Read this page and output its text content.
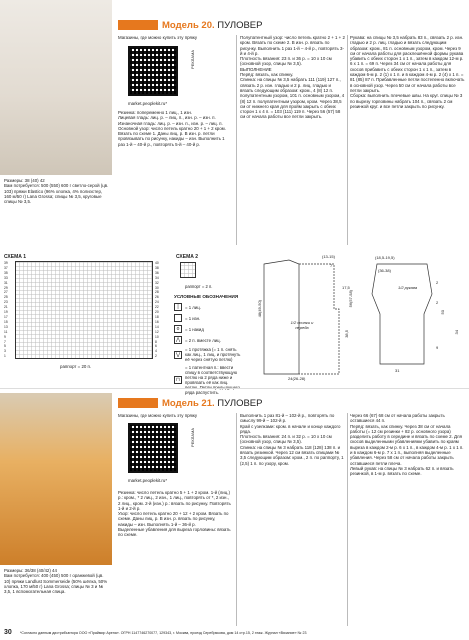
Модель 20. ПУЛОВЕР
Магазины, где можно купить эту пряжу
РЕКЛАМА
market.peoplekit.ru*
Размеры: 38 (40) 42
Вам потребуется: 500 (550) 600 г светло-серой (цв. 103) пряжи Elastico (96% хлопка, 4% полиэстер, 160 м/50 г) Lana Grossa; спицы № 3,5, круговые спицы № 3,5.
Резинка: попеременно 1 лиц., 1 изн.
Лицевая гладь: лиц. р. – лиц. п., изн. р. – изн. п.
Изнаночная гладь: лиц. р. – изн. п., изн. р. – лиц. п.
Основной узор: число петель кратно 20 + 1 + 2 кром. Вязать по схеме 1. Даны лиц. р. В изн. р. петли провязывать по рисунку, накиды – изн. Выполнить 1 раз 1-й – 40-й р., повторять 5-й – 40-й р.
Полупатентный узор: число петель кратно 2 + 1 + 2 кром. Вязать по схеме 2. В изн. р. вязать по рисунку. Выполнить 1 раз 1-й – 4-й р., повторять 3-й и 4-й р.
Плотность вязания: 23 п. и 36 р. = 10 х 10 см (основной узор, спицы № 3,5).
ВЫПОЛНЕНИЕ
Перёд: вязать, как спинку.
Спинка: на спицы № 3,5 набрать 111 (119) 127 п., связать 2 р. изн. гладью и 2 р. лиц. гладью и вязать следующим образом: кром., 4 (8) 12 п. полупатентным узором, 101 п. основным узором, 4 (8) 12 п. полупатентным узором, кром. Через 38,5 см от нижнего края для пройм закрыть с обеих сторон 1 х 4 п. = 103 (111) 119 п. Через 56 (57) 58 см от начала работы все петли закрыть.
Рукава: на спицы № 3,5 набрать 83 п., связать 2 р. изн. гладью и 2 р. лиц. гладью и вязать следующим образом: кром., 81 п. основным узором, кром. Через 9 см от начала работы для расклешённой формы рукава убавить с обеих сторон 1 х 1 п., затем в каждом 12-м р. 6 х 1 п. = 69 п. Через 34 см от начала работы для скосов прибавить с обеих сторон 1 х 1 п., затем в каждом 6-м р. 2 (1) х 1 п. и в каждом 4-м р. 2 (4) х 1 п. = 81 (85) 87 п. Прибавленные петли постепенно включать в основной узор. Через 50 см от начала работы все петли закрыть.
Сборка: выполнить плечевые швы. На круг. спицы № 3 по вырезу горловины набрать 104 п., связать 2 см резинкой круг. и все петли закрыть по рисунку.
СХЕМА 1
39
37
35
33
31
29
27
25
23
21
19
17
15
13
11
9
7
5
3
1
40
38
36
34
32
30
28
26
24
22
20
18
16
14
12
10
8
6
4
2
раппорт = 20 п.
СХЕМА 2
раппорт = 2 п.
УСЛОВНЫЕ ОБОЗНАЧЕНИЯ
|	= 1 лиц.
= 1 изн.
o	= 1 накид
⋀	= 2 п. вместе лиц.
⋁
= 1 протяжка (= 1 п. снять как лиц., 1 лиц. и протянуть её через снятую петлю)
⊓
= 1 патентная п.: ввести спицу в соответствующую петлю на 2 ряда ниже и провязать её как лиц. ряда распустить.
(13-15)
7
17,5
48(49-50)
1/2 спинки и переда
24(26-28)
38,5
56(57-58)
(18,5-19,5)
(36-38)
1/2 рукава
2
2
9
50
34
31
Модель 21. ПУЛОВЕР
Магазины, где можно купить эту пряжу
РЕКЛАМА
market.peoplekit.ru*
Размеры: 36/38 (40/42) 44
Вам потребуется: 400 (450) 500 г оранжевой (цв. 10) пряжи Landlust Sommerseide (50% шёлка, 50% хлопка, 170 м/50 г) Lana Grossa; спицы № 3 и № 3,5, 1 вспомогательная спица.
Резинка: число петель кратно 5 + 1 + 2 кром. 1-й (лиц.) р.: кром., * 2 лиц., 2 изн., 1 лиц., повторять от *, 2 изн., 2 лиц., кром. 2-й (изн.) р.: вязать по рисунку. Повторять 1-й и 2-й р.
Узор: число петель кратно 20 + 12 + 2 кром. Вязать по схеме. Даны лиц. р. В изн. р. вязать по рисунку, накиды – изн. Выполнять 1-й – 36-й р.
Выделенные убавления для выреза горловины: вязать по схеме.
Выполнить 1 раз 81-й – 102-й р., повторять по смыслу 99-й – 102-й р.
Край с узелками: кром. в начале и конце каждого ряда.
Плотность вязания: 24 п. и 32 р. = 10 х 10 см (основной узор, спицы № 3,5).
Спинка: на спицы № 3 набрать 118 (128) 138 п. и вязать резинкой. Через 12 см вязать спицами № 3,5 следующим образом: кром., 2 п. по раппорту, 1 (2,5) 1 п. по узору, кром.
Через 66 (67) 68 см от начала работы закрыть оставшиеся 44 п.
Перёд: вязать, как спинку. Через 38 см от начала работы (= 12 см резинки + 82 р. основного узора) разделить работу в середине и вязать по схеме 2. Для скосов выделенными убавлениями убавить по краям выреза в каждом 2-м р. 6 х 1 п., в каждом 4-м р. 1 х 1 п. и в каждом 6-м р. 7 х 1 п., выполняя выделенные убавления. Через 58 см от начала работы закрыть оставшиеся петли плеча.
Левый рукав: на спицы № 3 набрать 62 п. и вязать резинкой, в 1-м р. вязать по схеме.
30 *Согласно данным дистрибьютора ООО «Праймир Арена». ОГРН 1147746270077, 129343, г. Москва, проезд Серебрякова, дом 14 стр.15, 2 этаж. Журнал «Вязание» № 23
